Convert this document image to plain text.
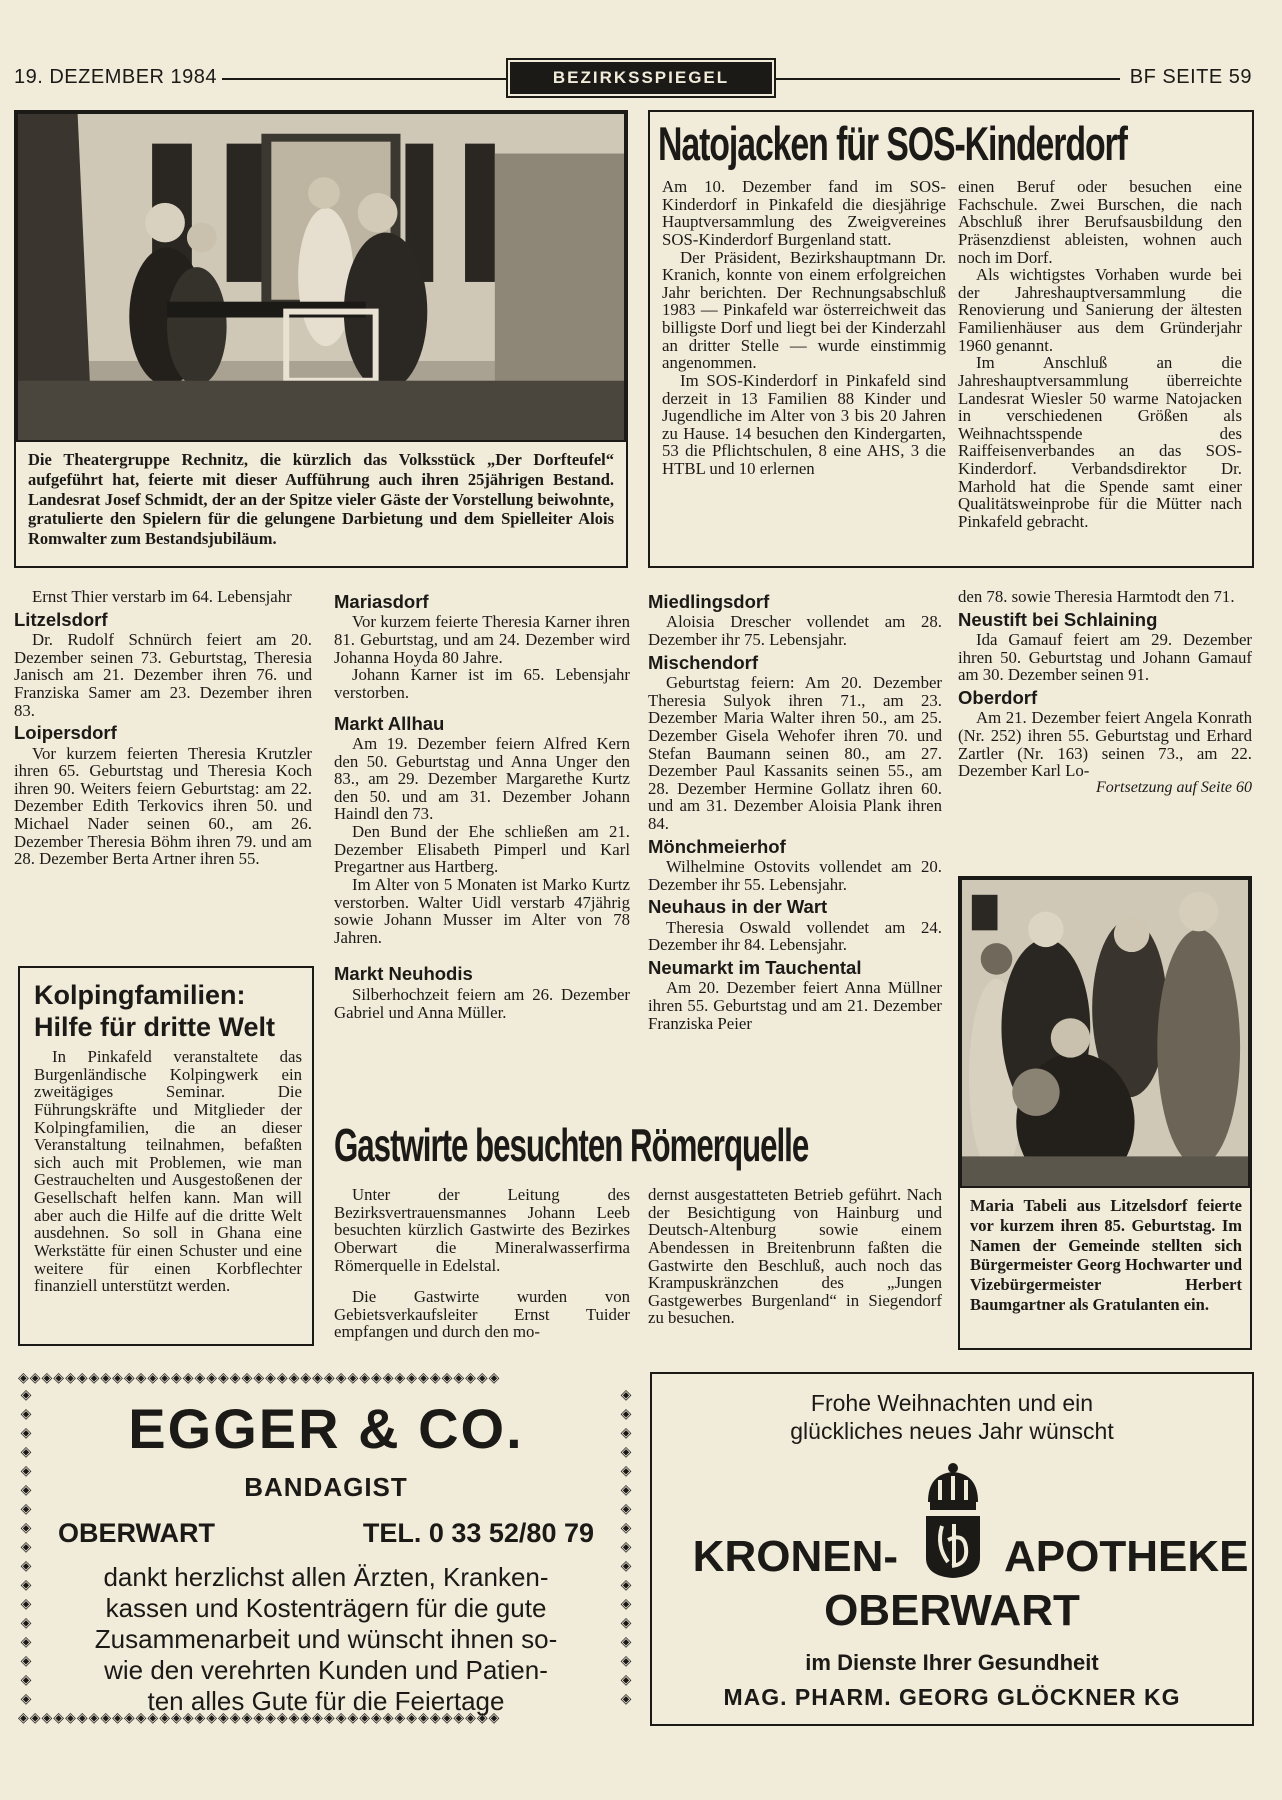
19. DEZEMBER 1984	BEZIRKSSPIEGEL	BF SEITE 59
Die Theatergruppe Rechnitz, die kürzlich das Volksstück „Der Dorfteufel“ aufgeführt hat, feierte mit dieser Aufführung auch ihren 25jährigen Bestand. Landesrat Josef Schmidt, der an der Spitze vieler Gäste der Vorstellung beiwohnte, gratulierte den Spielern für die gelungene Darbietung und dem Spielleiter Alois Romwalter zum Bestandsjubiläum.
Natojacken für SOS-Kinderdorf

Am 10. Dezember fand im SOS-Kinderdorf in Pinkafeld die diesjährige Hauptversammlung des Zweigvereines SOS-Kinderdorf Burgenland statt.

Der Präsident, Bezirkshauptmann Dr. Kranich, konnte von einem erfolgreichen Jahr berichten. Der Rechnungsabschluß 1983 — Pinkafeld war österreichweit das billigste Dorf und liegt bei der Kinderzahl an dritter Stelle — wurde einstimmig angenommen.

Im SOS-Kinderdorf in Pinkafeld sind derzeit in 13 Familien 88 Kinder und Jugendliche im Alter von 3 bis 20 Jahren zu Hause. 14 besuchen den Kindergarten, 53 die Pflichtschulen, 8 eine AHS, 3 die HTBL und 10 erlernen

einen Beruf oder besuchen eine Fachschule. Zwei Burschen, die nach Abschluß ihrer Berufsausbildung den Präsenzdienst ableisten, wohnen auch noch im Dorf.

Als wichtigstes Vorhaben wurde bei der Jahreshauptversammlung die Renovierung und Sanierung der ältesten Familienhäuser aus dem Gründerjahr 1960 genannt.

Im Anschluß an die Jahreshauptversammlung überreichte Landesrat Wiesler 50 warme Natojacken in verschiedenen Größen als Weihnachtsspende des Raiffeisenverbandes an das SOS-Kinderdorf. Verbandsdirektor Dr. Marhold hat die Spende samt einer Qualitätsweinprobe für die Mütter nach Pinkafeld gebracht.

Ernst Thier verstarb im 64. Lebensjahr

Litzelsdorf

Dr. Rudolf Schnürch feiert am 20. Dezember seinen 73. Geburtstag, Theresia Janisch am 21. Dezember ihren 76. und Franziska Samer am 23. Dezember ihren 83.

Loipersdorf

Vor kurzem feierten Theresia Krutzler ihren 65. Geburtstag und Theresia Koch ihren 90. Weiters feiern Geburtstag: am 22. Dezember Edith Terkovics ihren 50. und Michael Nader seinen 60., am 26. Dezember Theresia Böhm ihren 79. und am 28. Dezember Berta Artner ihren 55.

Kolpingfamilien:
Hilfe für dritte Welt

In Pinkafeld veranstaltete das Burgenländische Kolpingwerk ein zweitägiges Seminar. Die Führungskräfte und Mitglieder der Kolpingfamilien, die an dieser Veranstaltung teilnahmen, befaßten sich auch mit Problemen, wie man Gestrauchelten und Ausgestoßenen der Gesellschaft helfen kann. Man will aber auch die Hilfe auf die dritte Welt ausdehnen. So soll in Ghana eine Werkstätte für einen Schuster und eine weitere für einen Korbflechter finanziell unterstützt werden.

Mariasdorf

Vor kurzem feierte Theresia Karner ihren 81. Geburtstag, und am 24. Dezember wird Johanna Hoyda 80 Jahre.

Johann Karner ist im 65. Lebensjahr verstorben.

Markt Allhau

Am 19. Dezember feiern Alfred Kern den 50. Geburtstag und Anna Unger den 83., am 29. Dezember Margarethe Kurtz den 50. und am 31. Dezember Johann Haindl den 73.

Den Bund der Ehe schließen am 21. Dezember Elisabeth Pimperl und Karl Pregartner aus Hartberg.

Im Alter von 5 Monaten ist Marko Kurtz verstorben. Walter Uidl verstarb 47jährig sowie Johann Musser im Alter von 78 Jahren.

Markt Neuhodis

Silberhochzeit feiern am 26. Dezember Gabriel und Anna Müller.

Miedlingsdorf

Aloisia Drescher vollendet am 28. Dezember ihr 75. Lebensjahr.

Mischendorf

Geburtstag feiern: Am 20. Dezember Theresia Sulyok ihren 71., am 23. Dezember Maria Walter ihren 50., am 25. Dezember Gisela Wehofer ihren 70. und Stefan Baumann seinen 80., am 27. Dezember Paul Kassanits seinen 55., am 28. Dezember Hermine Gollatz ihren 60. und am 31. Dezember Aloisia Plank ihren 84.

Mönchmeierhof

Wilhelmine Ostovits vollendet am 20. Dezember ihr 55. Lebensjahr.

Neuhaus in der Wart

Theresia Oswald vollendet am 24. Dezember ihr 84. Lebensjahr.

Neumarkt im Tauchental

Am 20. Dezember feiert Anna Müllner ihren 55. Geburtstag und am 21. Dezember Franziska Peier

den 78. sowie Theresia Harmtodt den 71.

Neustift bei Schlaining

Ida Gamauf feiert am 29. Dezember ihren 50. Geburtstag und Johann Gamauf am 30. Dezember seinen 91.

Oberdorf

Am 21. Dezember feiert Angela Konrath (Nr. 252) ihren 55. Geburtstag und Erhard Zartler (Nr. 163) seinen 73., am 22. Dezember Karl Lo-

Fortsetzung auf Seite 60
Maria Tabeli aus Litzelsdorf feierte vor kurzem ihren 85. Geburtstag. Im Namen der Gemeinde stellten sich Bürgermeister Georg Hochwarter und Vizebürgermeister Herbert Baumgartner als Gratulanten ein.
Gastwirte besuchten Römerquelle

Unter der Leitung des Bezirksvertrauensmannes Johann Leeb besuchten kürzlich Gastwirte des Bezirkes Oberwart die Mineralwasserfirma Römerquelle in Edelstal.

Die Gastwirte wurden von Gebietsverkaufsleiter Ernst Tuider empfangen und durch den mo-

dernst ausgestatteten Betrieb geführt. Nach der Besichtigung von Hainburg und Deutsch-Altenburg sowie einem Abendessen in Breitenbrunn faßten die Gastwirte den Beschluß, auch noch das Krampuskränzchen des „Jungen Gastgewerbes Burgenland“ in Siegendorf zu besuchen.

◈◈◈◈◈◈◈◈◈◈◈◈◈◈◈◈◈◈◈◈◈◈◈◈◈◈◈◈◈◈◈◈◈◈◈◈◈◈◈◈◈
◈◈◈◈◈◈◈◈◈◈◈◈◈◈◈◈◈◈◈◈◈◈◈◈◈◈◈◈◈◈◈◈◈◈◈◈◈◈◈◈◈
◈
◈
◈
◈
◈
◈
◈
◈
◈
◈
◈
◈
◈
◈
◈
◈
◈
◈
◈
◈
◈
◈
◈
◈
◈
◈
◈
◈
◈
◈
◈
◈
◈
◈
EGGER & CO.
BANDAGIST
OBERWART	TEL. 0 33 52/80 79
dankt herzlichst allen Ärzten, Kranken-
kassen und Kostenträgern für die gute
Zusammenarbeit und wünscht ihnen so-
wie den verehrten Kunden und Patien-
ten alles Gute für die Feiertage
Frohe Weihnachten und ein
glückliches neues Jahr wünscht
KRONEN- APOTHEKE
OBERWART
im Dienste Ihrer Gesundheit
MAG. PHARM. GEORG GLÖCKNER KG
